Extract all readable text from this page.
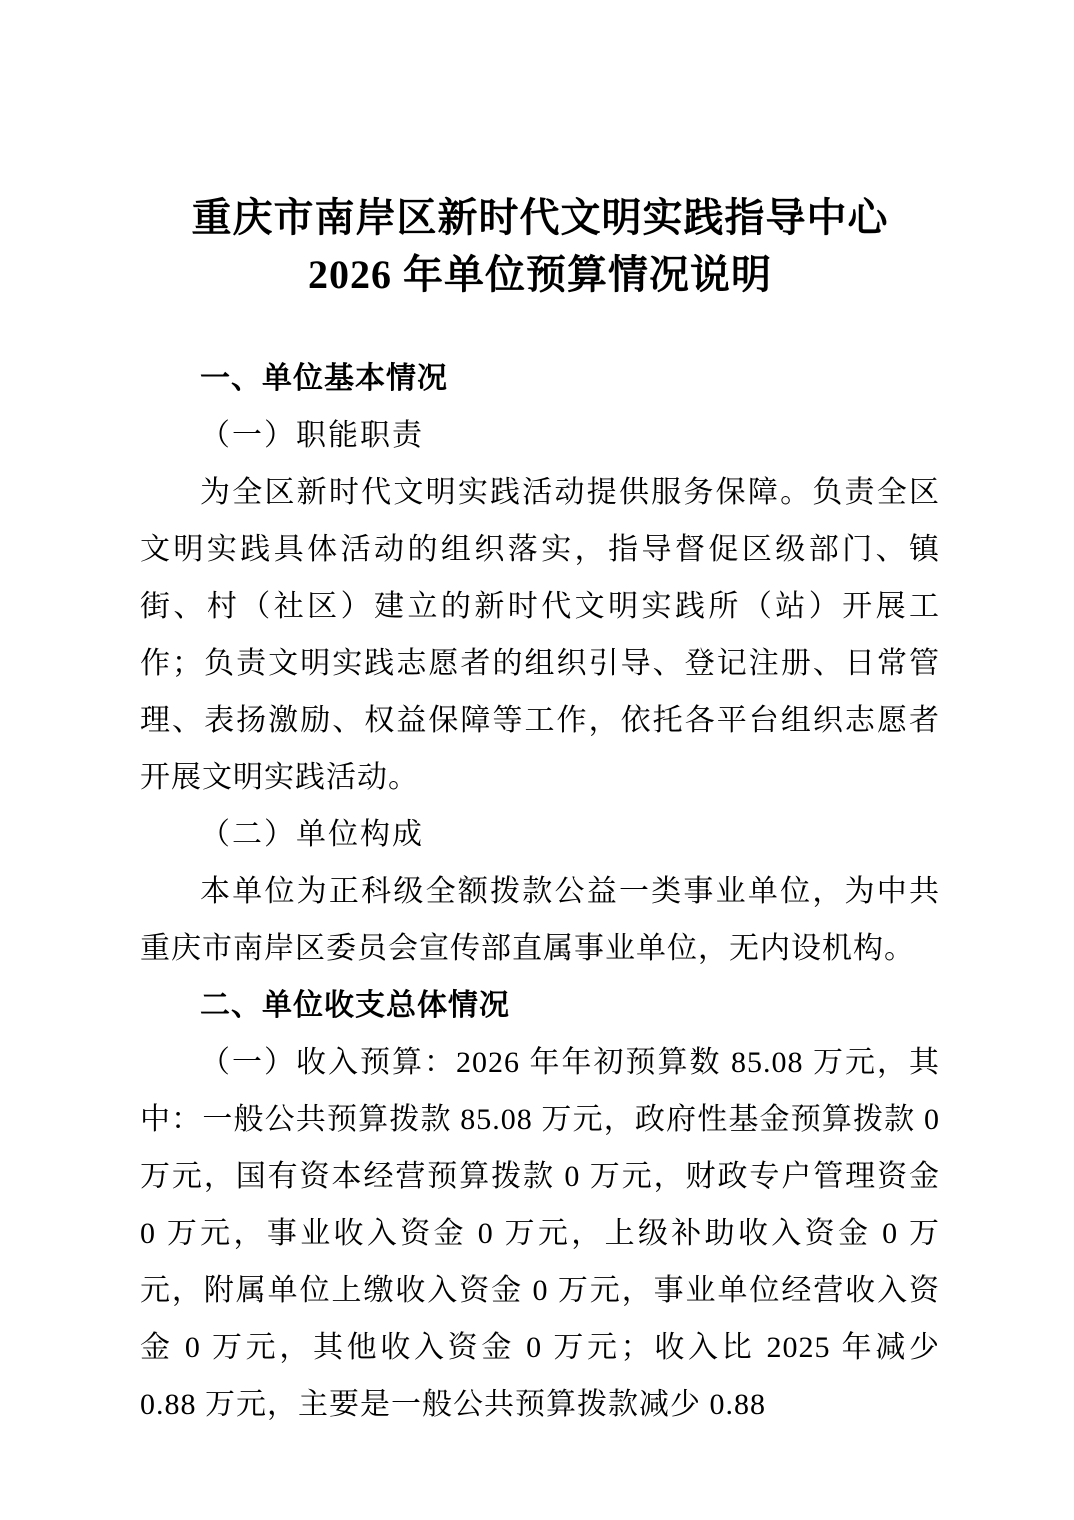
重庆市南岸区新时代文明实践指导中心
2026 年单位预算情况说明
一、单位基本情况
（一）职能职责

为全区新时代文明实践活动提供服务保障。负责全区文明实践具体活动的组织落实，指导督促区级部门、镇街、村（社区）建立的新时代文明实践所（站）开展工作；负责文明实践志愿者的组织引导、登记注册、日常管理、表扬激励、权益保障等工作，依托各平台组织志愿者开展文明实践活动。

（二）单位构成

本单位为正科级全额拨款公益一类事业单位，为中共重庆市南岸区委员会宣传部直属事业单位，无内设机构。

二、单位收支总体情况

（一）收入预算：2026 年年初预算数 85.08 万元，其中：一般公共预算拨款 85.08 万元，政府性基金预算拨款 0 万元，国有资本经营预算拨款 0 万元，财政专户管理资金 0 万元，事业收入资金 0 万元，上级补助收入资金 0 万元，附属单位上缴收入资金 0 万元，事业单位经营收入资金 0 万元，其他收入资金 0 万元；收入比 2025 年减少 0.88 万元，主要是一般公共预算拨款减少 0.88
